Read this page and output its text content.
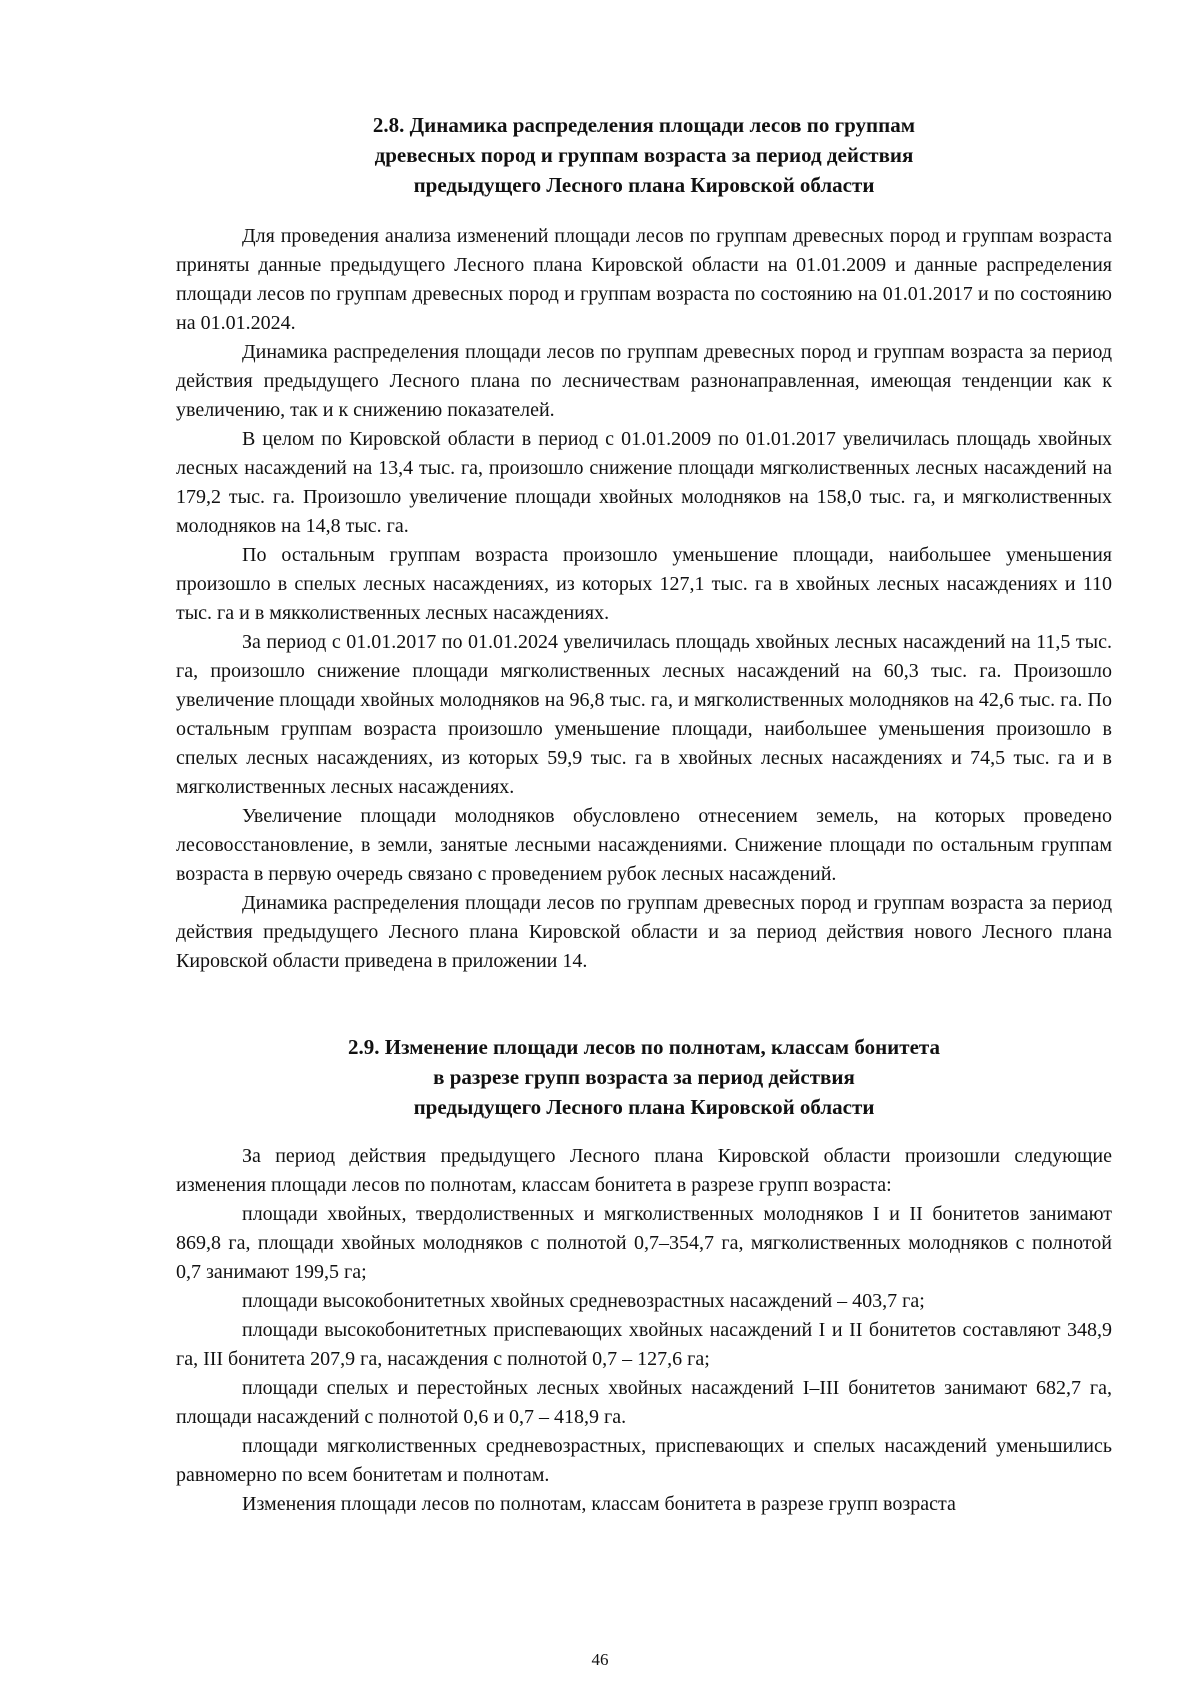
2.8. Динамика распределения площади лесов по группам
древесных пород и группам возраста за период действия
предыдущего Лесного плана Кировской области

Для проведения анализа изменений площади лесов по группам древесных пород и группам возраста приняты данные предыдущего Лесного плана Кировской области на 01.01.2009 и данные распределения площади лесов по группам древесных пород и группам возраста по состоянию на 01.01.2017 и по состоянию на 01.01.2024.

Динамика распределения площади лесов по группам древесных пород и группам возраста за период действия предыдущего Лесного плана по лесничествам разнонаправленная, имеющая тенденции как к увеличению, так и к снижению показателей.

В целом по Кировской области в период с 01.01.2009 по 01.01.2017 увеличилась площадь хвойных лесных насаждений на 13,4 тыс. га, произошло снижение площади мягколиственных лесных насаждений на 179,2 тыс. га. Произошло увеличение площади хвойных молодняков на 158,0 тыс. га, и мягколиственных молодняков на 14,8 тыс. га.

По остальным группам возраста произошло уменьшение площади, наибольшее уменьшения произошло в спелых лесных насаждениях, из которых 127,1 тыс. га в хвойных лесных насаждениях и 110 тыс. га и в мякколиственных лесных насаждениях.

За период с 01.01.2017 по 01.01.2024 увеличилась площадь хвойных лесных насаждений на 11,5 тыс. га, произошло снижение площади мягколиственных лесных насаждений на 60,3 тыс. га. Произошло увеличение площади хвойных молодняков на 96,8 тыс. га, и мягколиственных молодняков на 42,6 тыс. га. По остальным группам возраста произошло уменьшение площади, наибольшее уменьшения произошло в спелых лесных насаждениях, из которых 59,9 тыс. га в хвойных лесных насаждениях и 74,5 тыс. га и в мягколиственных лесных насаждениях.

Увеличение площади молодняков обусловлено отнесением земель, на которых проведено лесовосстановление, в земли, занятые лесными насаждениями. Снижение площади по остальным группам возраста в первую очередь связано с проведением рубок лесных насаждений.

Динамика распределения площади лесов по группам древесных пород и группам возраста за период действия предыдущего Лесного плана Кировской области и за период действия нового Лесного плана Кировской области приведена в приложении 14.

2.9. Изменение площади лесов по полнотам, классам бонитета
в разрезе групп возраста за период действия
предыдущего Лесного плана Кировской области

За период действия предыдущего Лесного плана Кировской области произошли следующие изменения площади лесов по полнотам, классам бонитета в разрезе групп возраста:

площади хвойных, твердолиственных и мягколиственных молодняков I и II бонитетов занимают 869,8 га, площади хвойных молодняков с полнотой 0,7–354,7 га, мягколиственных молодняков с полнотой 0,7 занимают 199,5 га;

площади высокобонитетных хвойных средневозрастных насаждений – 403,7 га;

площади высокобонитетных приспевающих хвойных насаждений I и II бонитетов составляют 348,9 га, III бонитета 207,9 га, насаждения с полнотой 0,7 – 127,6 га;

площади спелых и перестойных лесных хвойных насаждений I–III бонитетов занимают 682,7 га, площади насаждений с полнотой 0,6 и 0,7 – 418,9 га.

площади мягколиственных средневозрастных, приспевающих и спелых насаждений уменьшились равномерно по всем бонитетам и полнотам.

Изменения площади лесов по полнотам, классам бонитета в разрезе групп возраста

46
